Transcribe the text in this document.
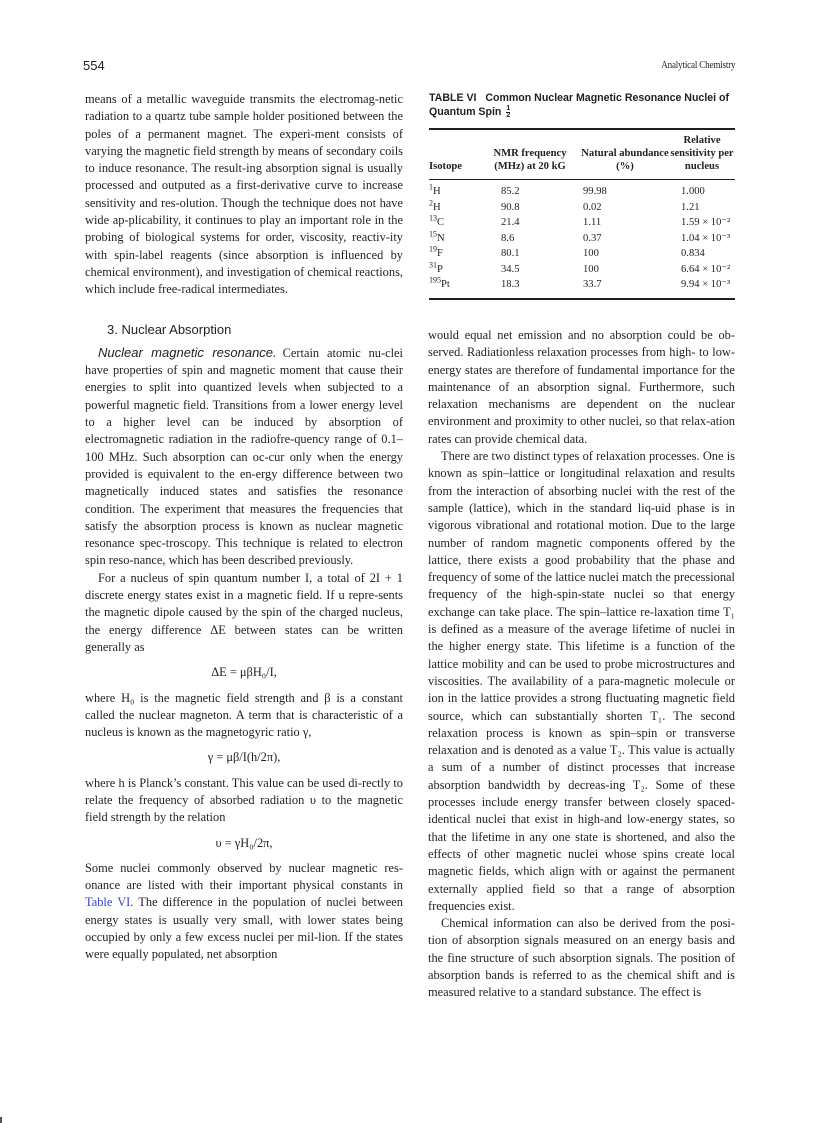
554	Analytical Chemistry

means of a metallic waveguide transmits the electromag-netic radiation to a quartz tube sample holder positioned between the poles of a permanent magnet. The experi-ment consists of varying the magnetic field strength by means of secondary coils to induce resonance. The result-ing absorption signal is usually processed and outputed as a first-derivative curve to increase sensitivity and res-olution. Though the technique does not have wide ap-plicability, it continues to play an important role in the probing of biological systems for order, viscosity, reactiv-ity with spin-label reagents (since absorption is influenced by chemical environment), and investigation of chemical reactions, which include free-radical intermediates.

3. Nuclear Absorption

Nuclear magnetic resonance. Certain atomic nu-clei have properties of spin and magnetic moment that cause their energies to split into quantized levels when subjected to a powerful magnetic field. Transitions from a lower energy level to a higher level can be induced by absorption of electromagnetic radiation in the radiofre-quency range of 0.1–100 MHz. Such absorption can oc-cur only when the energy provided is equivalent to the en-ergy difference between two magnetically induced states and satisfies the resonance condition. The experiment that measures the frequencies that satisfy the absorption process is known as nuclear magnetic resonance spec-troscopy. This technique is related to electron spin reso-nance, which has been described previously.

For a nucleus of spin quantum number I, a total of 2I + 1 discrete energy states exist in a magnetic field. If u repre-sents the magnetic dipole caused by the spin of the charged nucleus, the energy difference ΔE between states can be written generally as

ΔE = μβH₀/I,

where H₀ is the magnetic field strength and β is a constant called the nuclear magneton. A term that is characteristic of a nucleus is known as the magnetogyric ratio γ,

γ = μβ/I(h/2π),

where h is Planck’s constant. This value can be used di-rectly to relate the frequency of absorbed radiation υ to the magnetic field strength by the relation

υ = γH₀/2π,

Some nuclei commonly observed by nuclear magnetic res-onance are listed with their important physical constants in Table VI. The difference in the population of nuclei between energy states is usually very small, with lower states being occupied by only a few excess nuclei per mil-lion. If the states were equally populated, net absorption

TABLE VI Common Nuclear Magnetic Resonance Nuclei of Quantum Spin $\frac{1}{2}$
Isotope	NMR frequency (MHz) at 20 kG	Natural abundance (%)	Relative sensitivity per nucleus
$^1$H	85.2	99.98	1.000
$^2$H	90.8	0.02	1.21
$^{13}$C	21.4	1.11	1.59 × 10⁻²
$^{15}$N	8.6	0.37	1.04 × 10⁻³
$^{19}$F	80.1	100	0.834
$^{31}$P	34.5	100	6.64 × 10⁻²
$^{195}$Pt	18.3	33.7	9.94 × 10⁻³

would equal net emission and no absorption could be ob-served. Radiationless relaxation processes from high- to low-energy states are therefore of fundamental importance for the maintenance of an absorption signal. Furthermore, such relaxation mechanisms are dependent on the nuclear environment and proximity to other nuclei, so that relax-ation rates can provide chemical data.

There are two distinct types of relaxation processes. One is known as spin–lattice or longitudinal relaxation and results from the interaction of absorbing nuclei with the rest of the sample (lattice), which in the standard liq-uid phase is in vigorous vibrational and rotational motion. Due to the large number of random magnetic components offered by the lattice, there exists a good probability that the phase and frequency of some of the lattice nuclei match the precessional frequency of the high-spin-state nuclei so that energy exchange can take place. The spin–lattice re-laxation time T₁ is defined as a measure of the average lifetime of nuclei in the higher energy state. This lifetime is a function of the lattice mobility and can be used to probe microstructures and viscosities. The availability of a para-magnetic molecule or ion in the lattice provides a strong fluctuating magnetic field source, which can substantially shorten T₁. The second relaxation process is known as spin–spin or transverse relaxation and is denoted as a value T₂. This value is actually a sum of a number of distinct processes that increase absorption bandwidth by decreas-ing T₂. Some of these processes include energy transfer between closely spaced-identical nuclei that exist in high-and low-energy states, so that the lifetime in any one state is shortened, and also the effects of other magnetic nuclei whose spins create local magnetic fields, which align with or against the permanent externally applied field so that a range of absorption frequencies exist.

Chemical information can also be derived from the posi-tion of absorption signals measured on an energy basis and the fine structure of such absorption signals. The position of absorption bands is referred to as the chemical shift and is measured relative to a standard substance. The effect is
